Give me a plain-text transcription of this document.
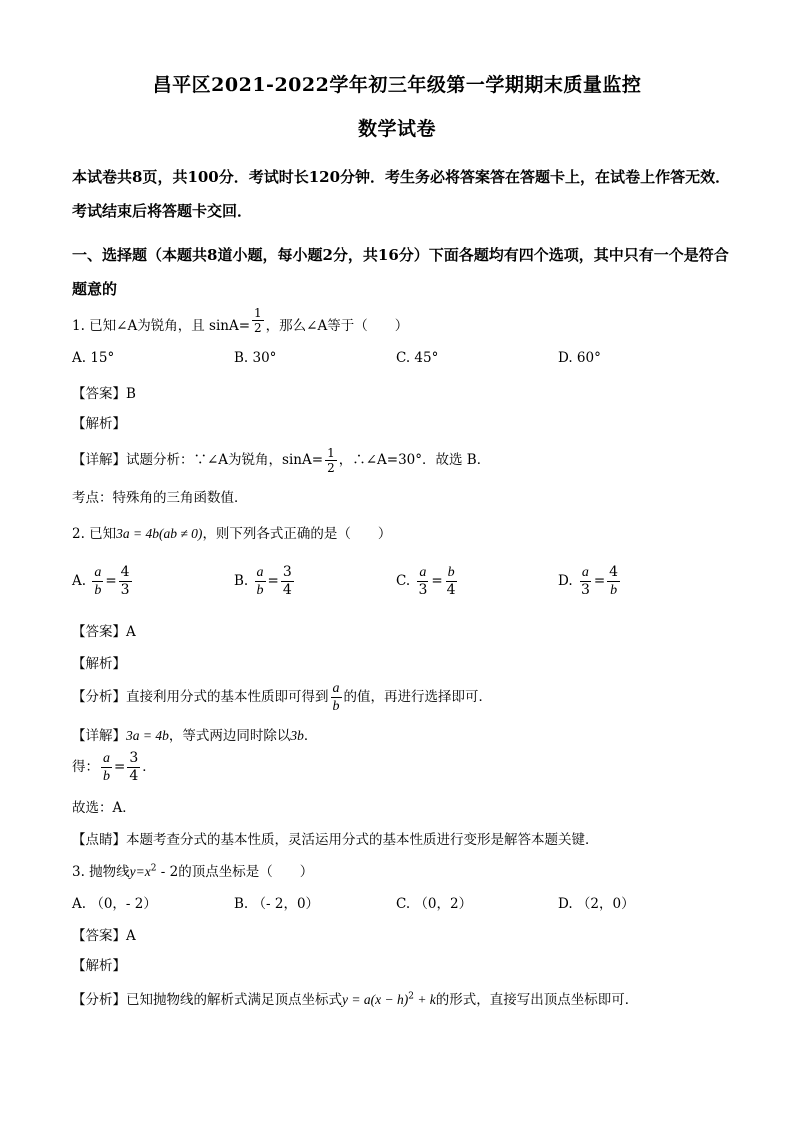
昌平区2021-2022学年初三年级第一学期期末质量监控
数学试卷
本试卷共8页，共100分．考试时长120分钟．考生务必将答案答在答题卡上，在试卷上作答无效．考试结束后将答题卡交回．
一、选择题（本题共8道小题，每小题2分，共16分）下面各题均有四个选项，其中只有一个是符合题意的
1. 已知∠A为锐角，且 $\sin A= \frac{1}{2}$ ，那么∠A等于（　　）
A. 15°	B. 30°	C. 45°	D. 60°
【答案】B
【解析】
【详解】试题分析：∵∠A为锐角，$\sin A= \frac{1}{2}$ ，∴∠A=30°．故选 B．
考点：特殊角的三角函数值．
2. 已知3a = 4b(ab ≠ 0)，则下列各式正确的是（　　）
A. $\frac{a}{b} = \frac{4}{3}$	B. $\frac{a}{b} = \frac{3}{4}$	C. $\frac{a}{3} = \frac{b}{4}$	D. $\frac{a}{3} = \frac{4}{b}$
【答案】A
【解析】
【分析】直接利用分式的基本性质即可得到 $\frac{a}{b}$ 的值，再进行选择即可．
【详解】3a = 4b，等式两边同时除以3b．
得： $\frac{a}{b} = \frac{3}{4}$ ．
故选：A．
【点睛】本题考查分式的基本性质，灵活运用分式的基本性质进行变形是解答本题关键．
3. 抛物线$y=x^2 - 2$的顶点坐标是（　　）
A. （0，- 2）	B. （- 2，0）	C. （0，2）	D. （2，0）
【答案】A
【解析】
【分析】已知抛物线的解析式满足顶点坐标式$y = a(x - h)^2 + k$的形式，直接写出顶点坐标即可．
